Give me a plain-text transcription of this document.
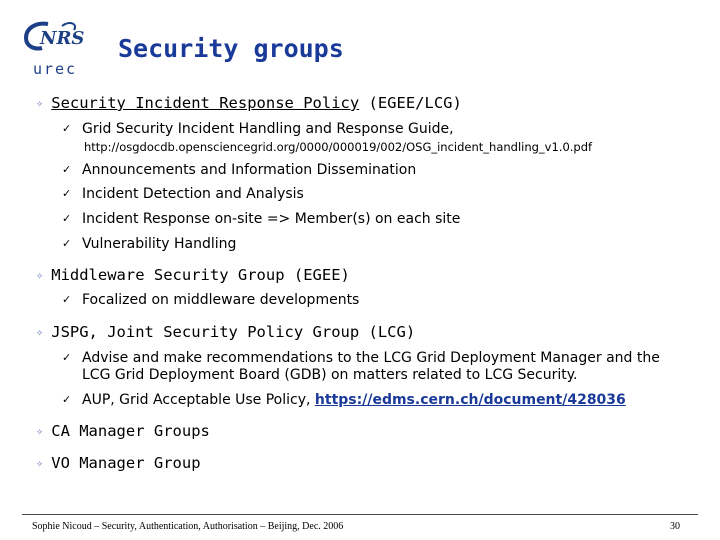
NRS
urec
Security groups
✧ Security Incident Response Policy (EGEE/LCG)
✓ Grid Security Incident Handling and Response Guide,
http://osgdocdb.opensciencegrid.org/0000/000019/002/OSG_incident_handling_v1.0.pdf
✓ Announcements and Information Dissemination
✓ Incident Detection and Analysis
✓ Incident Response on-site => Member(s) on each site
✓ Vulnerability Handling
✧ Middleware Security Group (EGEE)
✓ Focalized on middleware developments
✧ JSPG, Joint Security Policy Group (LCG)
✓ Advise and make recommendations to the LCG Grid Deployment Manager and the
LCG Grid Deployment Board (GDB) on matters related to LCG Security.
✓ AUP, Grid Acceptable Use Policy, https://edms.cern.ch/document/428036
✧ CA Manager Groups
✧ VO Manager Group
Sophie Nicoud – Security, Authentication, Authorisation – Beijing, Dec. 2006	30
